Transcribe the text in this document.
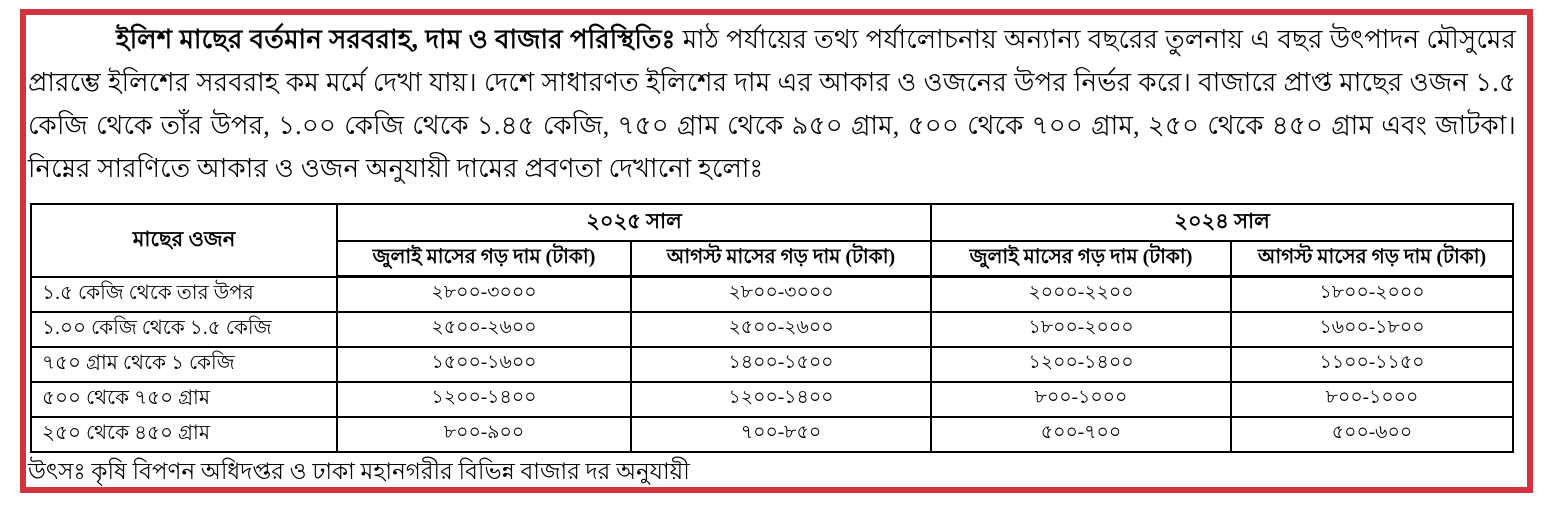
ইলিশ মাছের বর্তমান সরবরাহ, দাম ও বাজার পরিস্থিতিঃ মাঠ পর্যায়ের তথ্য পর্যালোচনায় অন্যান্য বছরের তুলনায় এ বছর উৎপাদন মৌসুমের প্রারম্ভে ইলিশের সরবরাহ কম মর্মে দেখা যায়। দেশে সাধারণত ইলিশের দাম এর আকার ও ওজনের উপর নির্ভর করে। বাজারে প্রাপ্ত মাছের ওজন ১.৫ কেজি থেকে তাঁর উপর, ১.০০ কেজি থেকে ১.৪৫ কেজি, ৭৫০ গ্রাম থেকে ৯৫০ গ্রাম, ৫০০ থেকে ৭০০ গ্রাম, ২৫০ থেকে ৪৫০ গ্রাম এবং জাটকা। নিম্নের সারণিতে আকার ও ওজন অনুযায়ী দামের প্রবণতা দেখানো হলোঃ

মাছের ওজন	২০২৫ সাল		২০২৪ সাল	
	জুলাই মাসের গড় দাম (টাকা)	আগস্ট মাসের গড় দাম (টাকা)	জুলাই মাসের গড় দাম (টাকা)	আগস্ট মাসের গড় দাম (টাকা)
১.৫ কেজি থেকে তার উপর	২৮০০-৩০০০	২৮০০-৩০০০	২০০০-২২০০	১৮০০-২০০০
১.০০ কেজি থেকে ১.৫ কেজি	২৫০০-২৬০০	২৫০০-২৬০০	১৮০০-২০০০	১৬০০-১৮০০
৭৫০ গ্রাম থেকে ১ কেজি	১৫০০-১৬০০	১৪০০-১৫০০	১২০০-১৪০০	১১০০-১১৫০
৫০০ থেকে ৭৫০ গ্রাম	১২০০-১৪০০	১২০০-১৪০০	৮০০-১০০০	৮০০-১০০০
২৫০ থেকে ৪৫০ গ্রাম	৮০০-৯০০	৭০০-৮৫০	৫০০-৭০০	৫০০-৬০০

উৎসঃ কৃষি বিপণন অধিদপ্তর ও ঢাকা মহানগরীর বিভিন্ন বাজার দর অনুযায়ী
